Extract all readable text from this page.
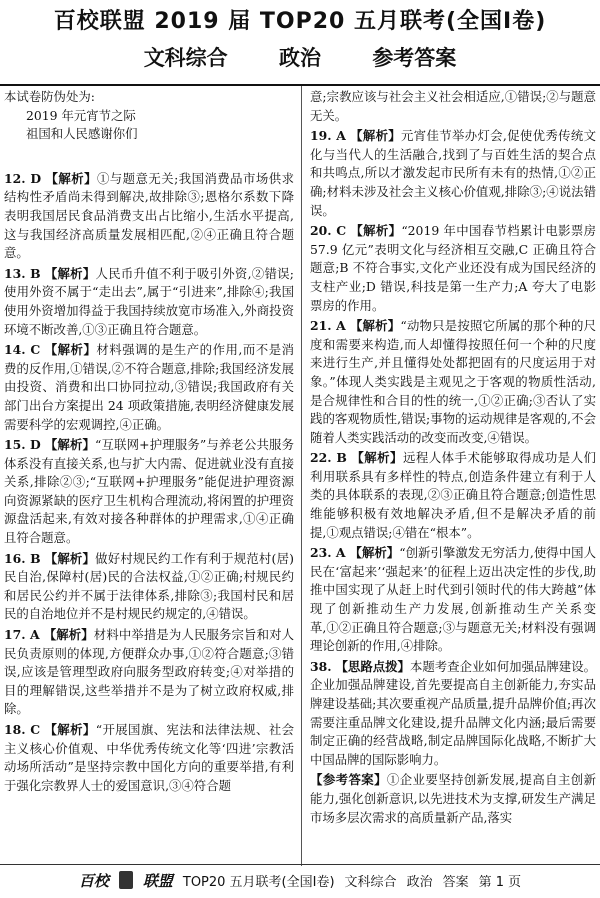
百校联盟 2019 届 TOP20 五月联考(全国Ⅰ卷)
文科综合 政治 参考答案

本试卷防伪处为:

2019 年元宵节之际

祖国和人民感谢你们

12. D 【解析】①与题意无关;我国消费品市场供求结构性矛盾尚未得到解决,故排除③;恩格尔系数下降表明我国居民食品消费支出占比缩小,生活水平提高,这与我国经济高质量发展相匹配,②④正确且符合题意。

13. B 【解析】人民币升值不利于吸引外资,②错误;使用外资不属于“走出去”,属于“引进来”,排除④;我国使用外资增加得益于我国持续放宽市场准入,外商投资环境不断改善,①③正确且符合题意。

14. C 【解析】材料强调的是生产的作用,而不是消费的反作用,①错误,②不符合题意,排除;我国经济发展由投资、消费和出口协同拉动,③错误;我国政府有关部门出台方案提出 24 项政策措施,表明经济健康发展需要科学的宏观调控,④正确。

15. D 【解析】“互联网+护理服务”与养老公共服务体系没有直接关系,也与扩大内需、促进就业没有直接关系,排除②③;“互联网+护理服务”能促进护理资源向资源紧缺的医疗卫生机构合理流动,将闲置的护理资源盘活起来,有效对接各种群体的护理需求,①④正确且符合题意。

16. B 【解析】做好村规民约工作有利于规范村(居)民自治,保障村(居)民的合法权益,①②正确;村规民约和居民公约并不属于法律体系,排除③;我国村民和居民的自治地位并不是村规民约规定的,④错误。

17. A 【解析】材料中举措是为人民服务宗旨和对人民负责原则的体现,方便群众办事,①②符合题意;③错误,应该是管理型政府向服务型政府转变;④对举措的目的理解错误,这些举措并不是为了树立政府权威,排除。

18. C 【解析】“开展国旗、宪法和法律法规、社会主义核心价值观、中华优秀传统文化等‘四进’宗教活动场所活动”是坚持宗教中国化方向的重要举措,有利于强化宗教界人士的爱国意识,③④符合题

意;宗教应该与社会主义社会相适应,①错误;②与题意无关。

19. A 【解析】元宵佳节举办灯会,促使优秀传统文化与当代人的生活融合,找到了与百姓生活的契合点和共鸣点,所以才激发起市民所有未有的热情,①②正确;材料未涉及社会主义核心价值观,排除③;④说法错误。

20. C 【解析】“2019 年中国春节档累计电影票房 57.9 亿元”表明文化与经济相互交融,C 正确且符合题意;B 不符合事实,文化产业还没有成为国民经济的支柱产业;D 错误,科技是第一生产力;A 夸大了电影票房的作用。

21. A 【解析】“动物只是按照它所属的那个种的尺度和需要来构造,而人却懂得按照任何一个种的尺度来进行生产,并且懂得处处都把固有的尺度运用于对象。”体现人类实践是主观见之于客观的物质性活动,是合规律性和合目的性的统一,①②正确;③否认了实践的客观物质性,错误;事物的运动规律是客观的,不会随着人类实践活动的改变而改变,④错误。

22. B 【解析】远程人体手术能够取得成功是人们利用联系具有多样性的特点,创造条件建立有利于人类的具体联系的表现,②③正确且符合题意;创造性思维能够积极有效地解决矛盾,但不是解决矛盾的前提,①观点错误;④错在“根本”。

23. A 【解析】“创新引擎激发无穷活力,使得中国人民在‘富起来’‘强起来’的征程上迈出决定性的步伐,助推中国实现了从赶上时代到引领时代的伟大跨越”体现了创新推动生产力发展,创新推动生产关系变革,①②正确且符合题意;③与题意无关;材料没有强调理论创新的作用,④排除。

38. 【思路点拨】本题考查企业如何加强品牌建设。企业加强品牌建设,首先要提高自主创新能力,夯实品牌建设基础;其次要重视产品质量,提升品牌价值;再次需要注重品牌文化建设,提升品牌文化内涵;最后需要制定正确的经营战略,制定品牌国际化战略,不断扩大中国品牌的国际影响力。

【参考答案】①企业要坚持创新发展,提高自主创新能力,强化创新意识,以先进技术为支撑,研发生产满足市场多层次需求的高质量新产品,落实

百校 联盟 TOP20 五月联考(全国Ⅰ卷) 文科综合 政治 答案 第 1 页
